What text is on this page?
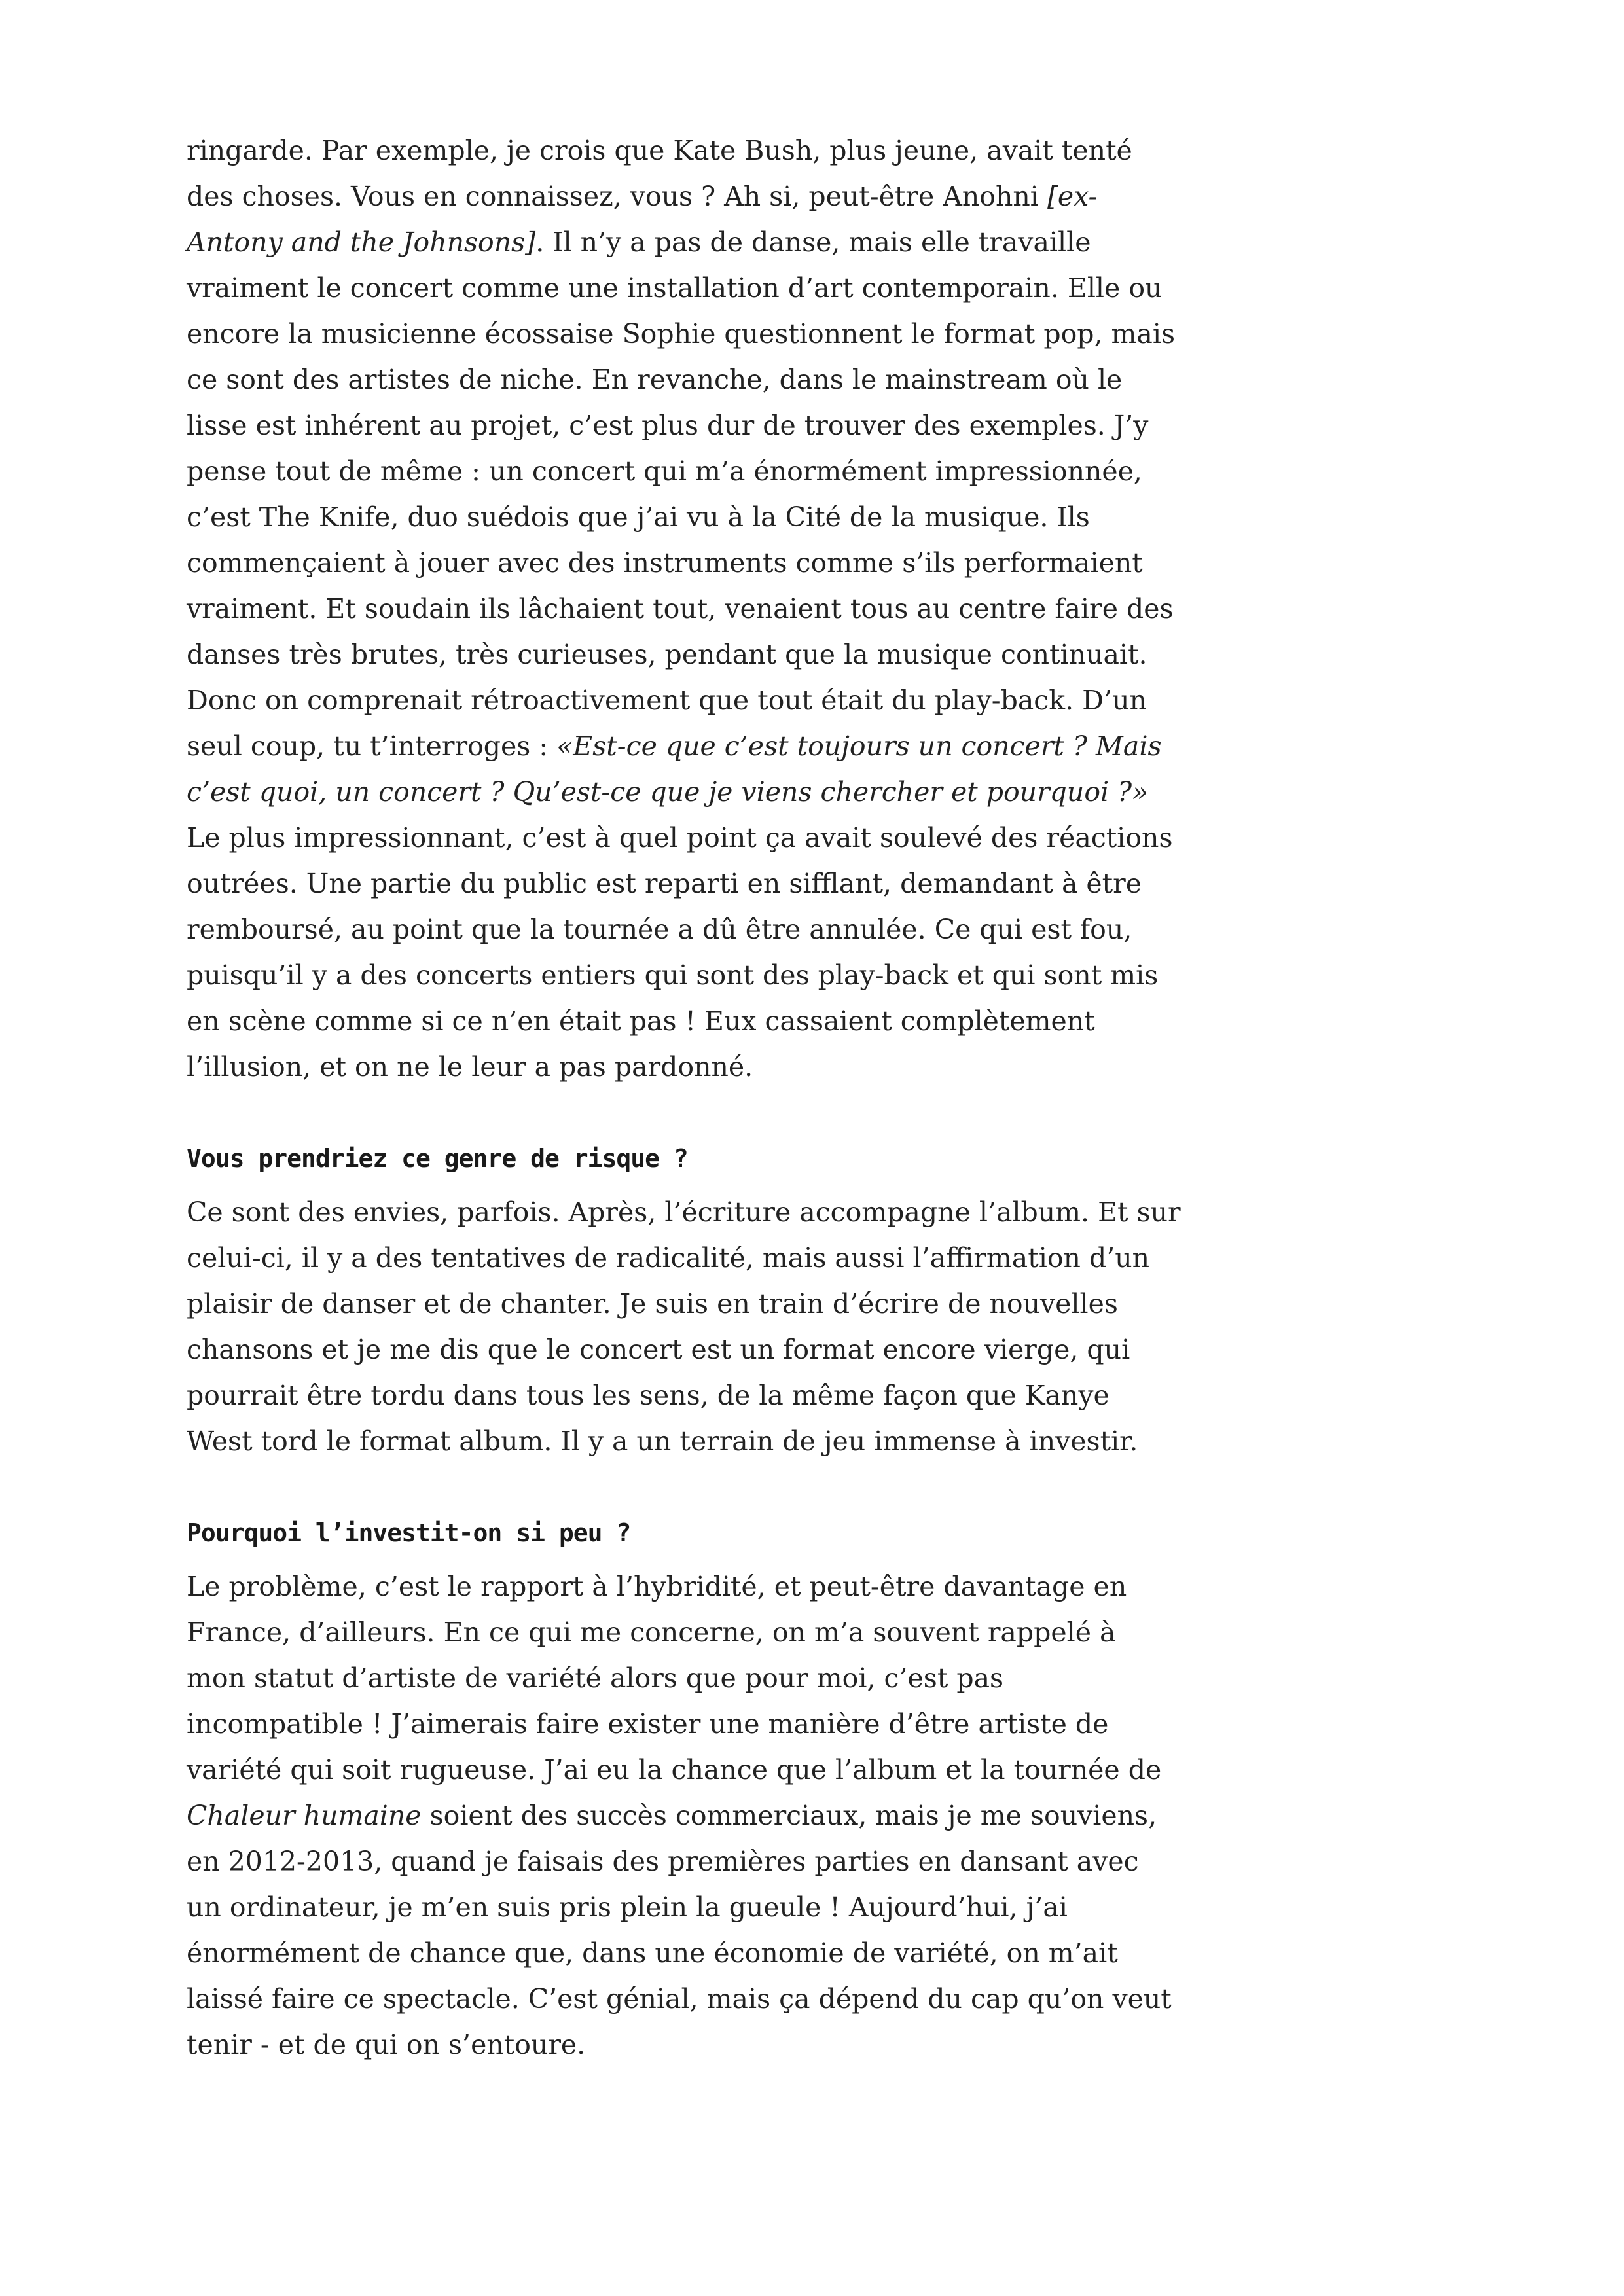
ringarde. Par exemple, je crois que Kate Bush, plus jeune, avait tenté des choses. Vous en connaissez, vous ? Ah si, peut-être Anohni [ex-Antony and the Johnsons]. Il n’y a pas de danse, mais elle travaille vraiment le concert comme une installation d’art contemporain. Elle ou encore la musicienne écossaise Sophie questionnent le format pop, mais ce sont des artistes de niche. En revanche, dans le mainstream où le lisse est inhérent au projet, c’est plus dur de trouver des exemples. J’y pense tout de même : un concert qui m’a énormément impressionnée, c’est The Knife, duo suédois que j’ai vu à la Cité de la musique. Ils commençaient à jouer avec des instruments comme s’ils performaient vraiment. Et soudain ils lâchaient tout, venaient tous au centre faire des danses très brutes, très curieuses, pendant que la musique continuait. Donc on comprenait rétroactivement que tout était du play-back. D’un seul coup, tu t’interroges : «Est-ce que c’est toujours un concert ? Mais c’est quoi, un concert ? Qu’est-ce que je viens chercher et pourquoi ?» Le plus impressionnant, c’est à quel point ça avait soulevé des réactions outrées. Une partie du public est reparti en sifflant, demandant à être remboursé, au point que la tournée a dû être annulée. Ce qui est fou, puisqu’il y a des concerts entiers qui sont des play-back et qui sont mis en scène comme si ce n’en était pas ! Eux cassaient complètement l’illusion, et on ne le leur a pas pardonné.

Vous prendriez ce genre de risque ?

Ce sont des envies, parfois. Après, l’écriture accompagne l’album. Et sur celui-ci, il y a des tentatives de radicalité, mais aussi l’affirmation d’un plaisir de danser et de chanter. Je suis en train d’écrire de nouvelles chansons et je me dis que le concert est un format encore vierge, qui pourrait être tordu dans tous les sens, de la même façon que Kanye West tord le format album. Il y a un terrain de jeu immense à investir.

Pourquoi l’investit-on si peu ?

Le problème, c’est le rapport à l’hybridité, et peut-être davantage en France, d’ailleurs. En ce qui me concerne, on m’a souvent rappelé à mon statut d’artiste de variété alors que pour moi, c’est pas incompatible ! J’aimerais faire exister une manière d’être artiste de variété qui soit rugueuse. J’ai eu la chance que l’album et la tournée de Chaleur humaine soient des succès commerciaux, mais je me souviens, en 2012-2013, quand je faisais des premières parties en dansant avec un ordinateur, je m’en suis pris plein la gueule ! Aujourd’hui, j’ai énormément de chance que, dans une économie de variété, on m’ait laissé faire ce spectacle. C’est génial, mais ça dépend du cap qu’on veut tenir - et de qui on s’entoure.
